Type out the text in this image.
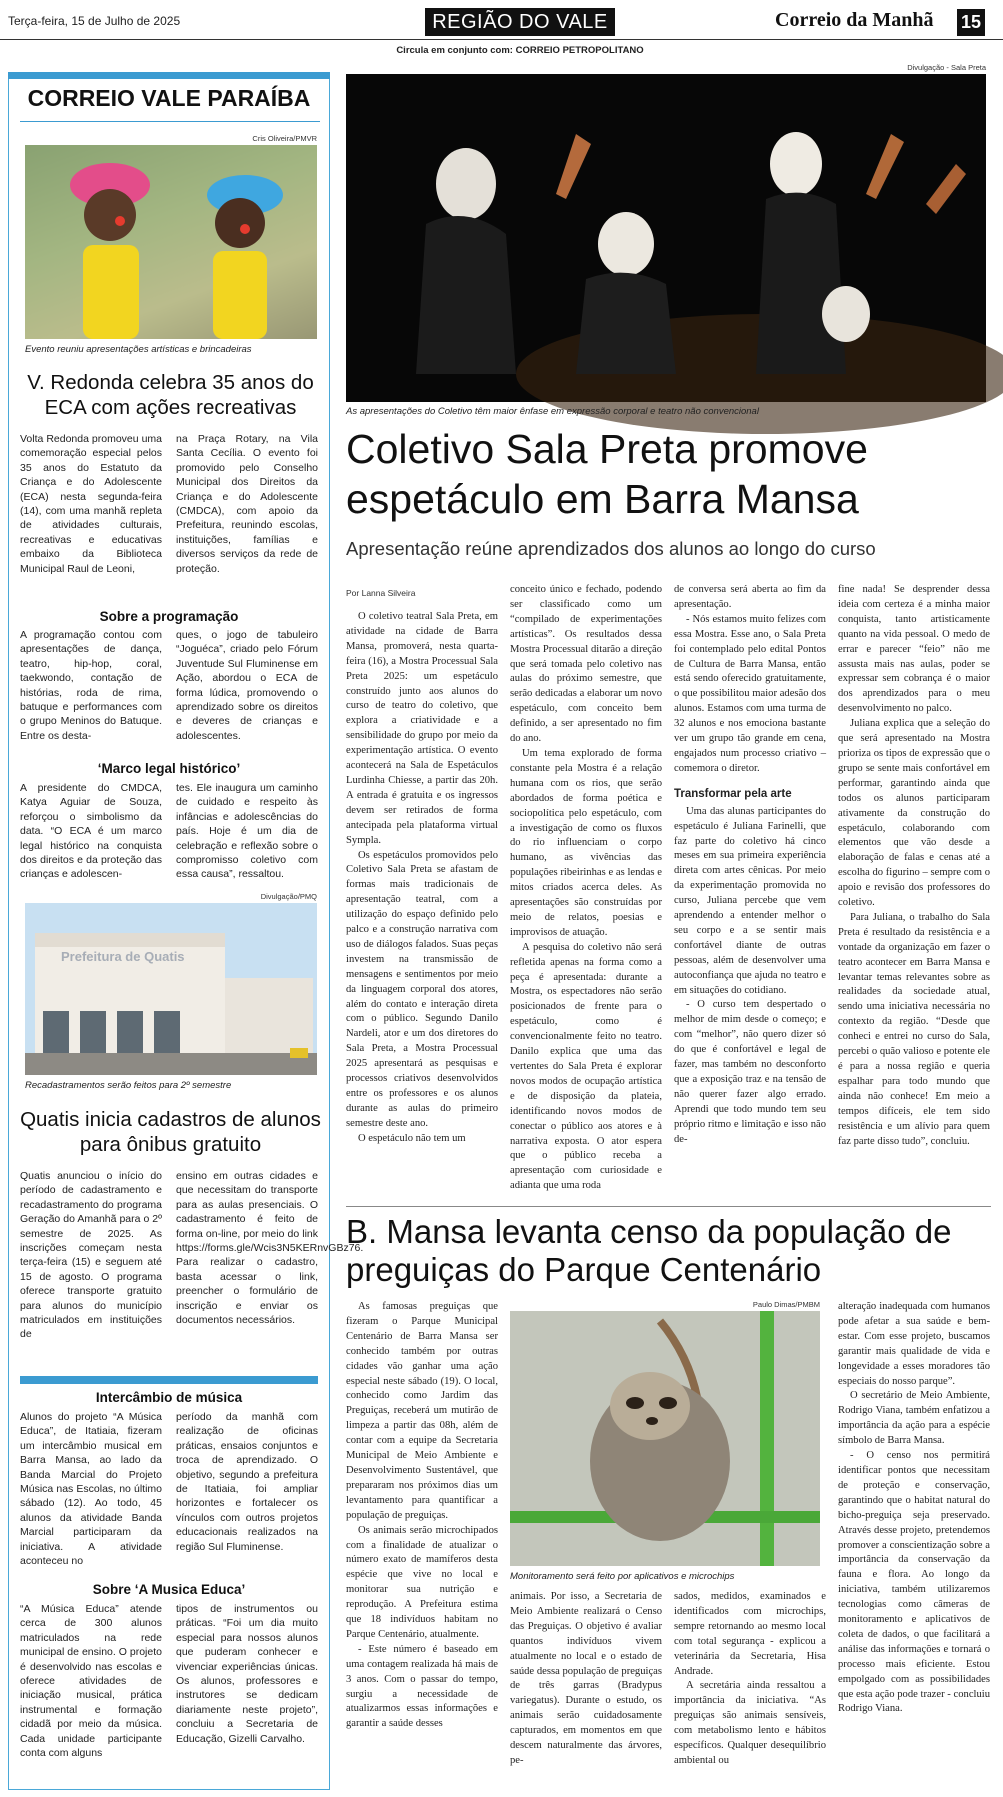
Terça-feira, 15 de Julho de 2025	REGIÃO DO VALE	Correio da Manhã 15
Circula em conjunto com: CORREIO PETROPOLITANO
CORREIO VALE PARAÍBA
Cris Oliveira/PMVR
Evento reuniu apresentações artísticas e brincadeiras
V. Redonda celebra 35 anos do ECA com ações recreativas
Volta Redonda promoveu uma comemoração especial pelos 35 anos do Estatuto da Criança e do Adolescente (ECA) nesta segunda-feira (14), com uma manhã repleta de atividades culturais, recreativas e educativas embaixo da Biblioteca Municipal Raul de Leoni,
na Praça Rotary, na Vila Santa Cecília. O evento foi promovido pelo Conselho Municipal dos Direitos da Criança e do Adolescente (CMDCA), com apoio da Prefeitura, reunindo escolas, instituições, famílias e diversos serviços da rede de proteção.
Sobre a programação
A programação contou com apresentações de dança, teatro, hip-hop, coral, taekwondo, contação de histórias, roda de rima, batuque e performances com o grupo Meninos do Batuque. Entre os desta-
ques, o jogo de tabuleiro “Joguéca”, criado pelo Fórum Juventude Sul Fluminense em Ação, abordou o ECA de forma lúdica, promovendo o aprendizado sobre os direitos e deveres de crianças e adolescentes.
‘Marco legal histórico’
A presidente do CMDCA, Katya Aguiar de Souza, reforçou o simbolismo da data. “O ECA é um marco legal histórico na conquista dos direitos e da proteção das crianças e adolescen-
tes. Ele inaugura um caminho de cuidado e respeito às infâncias e adolescências do país. Hoje é um dia de celebração e reflexão sobre o compromisso coletivo com essa causa”, ressaltou.
Divulgação/PMQ
Prefeitura de Quatis
Recadastramentos serão feitos para 2º semestre
Quatis inicia cadastros de alunos para ônibus gratuito
Quatis anunciou o início do período de cadastramento e recadastramento do programa Geração do Amanhã para o 2º semestre de 2025. As inscrições começam nesta terça-feira (15) e seguem até 15 de agosto. O programa oferece transporte gratuito para alunos do município matriculados em instituições de
ensino em outras cidades e que necessitam do transporte para as aulas presenciais. O cadastramento é feito de forma on-line, por meio do link https://forms.gle/Wcis3N5KERnvGBz76. Para realizar o cadastro, basta acessar o link, preencher o formulário de inscrição e enviar os documentos necessários.
Intercâmbio de música
Alunos do projeto “A Música Educa”, de Itatiaia, fizeram um intercâmbio musical em Barra Mansa, ao lado da Banda Marcial do Projeto Música nas Escolas, no último sábado (12). Ao todo, 45 alunos da atividade Banda Marcial participaram da iniciativa. A atividade aconteceu no
período da manhã com realização de oficinas práticas, ensaios conjuntos e troca de aprendizado. O objetivo, segundo a prefeitura de Itatiaia, foi ampliar horizontes e fortalecer os vínculos com outros projetos educacionais realizados na região Sul Fluminense.
Sobre ‘A Musica Educa’
“A Música Educa” atende cerca de 300 alunos matriculados na rede municipal de ensino. O projeto é desenvolvido nas escolas e oferece atividades de iniciação musical, prática instrumental e formação cidadã por meio da música. Cada unidade participante conta com alguns
tipos de instrumentos ou práticas. “Foi um dia muito especial para nossos alunos que puderam conhecer e vivenciar experiências únicas. Os alunos, professores e instrutores se dedicam diariamente neste projeto”, concluiu a Secretaria de Educação, Gizelli Carvalho.
Divulgação - Sala Preta
As apresentações do Coletivo têm maior ênfase em expressão corporal e teatro não convencional
Coletivo Sala Preta promove espetáculo em Barra Mansa
Apresentação reúne aprendizados dos alunos ao longo do curso
Por Lanna Silveira

O coletivo teatral Sala Preta, em atividade na cidade de Barra Mansa, promoverá, nesta quarta-feira (16), a Mostra Processual Sala Preta 2025: um espetáculo construído junto aos alunos do curso de teatro do coletivo, que explora a criatividade e a sensibilidade do grupo por meio da experimentação artística. O evento acontecerá na Sala de Espetáculos Lurdinha Chiesse, a partir das 20h. A entrada é gratuita e os ingressos devem ser retirados de forma antecipada pela plataforma virtual Sympla.

Os espetáculos promovidos pelo Coletivo Sala Preta se afastam de formas mais tradicionais de apresentação teatral, com a utilização do espaço definido pelo palco e a construção narrativa com uso de diálogos falados. Suas peças investem na transmissão de mensagens e sentimentos por meio da linguagem corporal dos atores, além do contato e interação direta com o público. Segundo Danilo Nardeli, ator e um dos diretores do Sala Preta, a Mostra Processual 2025 apresentará as pesquisas e processos criativos desenvolvidos entre os professores e os alunos durante as aulas do primeiro semestre deste ano.

O espetáculo não tem um

conceito único e fechado, podendo ser classificado como um “compilado de experimentações artísticas”. Os resultados dessa Mostra Processual ditarão a direção que será tomada pelo coletivo nas aulas do próximo semestre, que serão dedicadas a elaborar um novo espetáculo, com conceito bem definido, a ser apresentado no fim do ano.

Um tema explorado de forma constante pela Mostra é a relação humana com os rios, que serão abordados de forma poética e sociopolítica pelo espetáculo, com a investigação de como os fluxos do rio influenciam o corpo humano, as vivências das populações ribeirinhas e as lendas e mitos criados acerca deles. As apresentações são construídas por meio de relatos, poesias e improvisos de atuação.

A pesquisa do coletivo não será refletida apenas na forma como a peça é apresentada: durante a Mostra, os espectadores não serão posicionados de frente para o espetáculo, como é convencionalmente feito no teatro. Danilo explica que uma das vertentes do Sala Preta é explorar novos modos de ocupação artística e de disposição da plateia, identificando novos modos de conectar o público aos atores e à narrativa exposta. O ator espera que o público receba a apresentação com curiosidade e adianta que uma roda

de conversa será aberta ao fim da apresentação.

- Nós estamos muito felizes com essa Mostra. Esse ano, o Sala Preta foi contemplado pelo edital Pontos de Cultura de Barra Mansa, então está sendo oferecido gratuitamente, o que possibilitou maior adesão dos alunos. Estamos com uma turma de 32 alunos e nos emociona bastante ver um grupo tão grande em cena, engajados num processo criativo – comemora o diretor.

Transformar pela arte

Uma das alunas participantes do espetáculo é Juliana Farinelli, que faz parte do coletivo há cinco meses em sua primeira experiência direta com artes cênicas. Por meio da experimentação promovida no curso, Juliana percebe que vem aprendendo a entender melhor o seu corpo e a se sentir mais confortável diante de outras pessoas, além de desenvolver uma autoconfiança que ajuda no teatro e em situações do cotidiano.

- O curso tem despertado o melhor de mim desde o começo; e com “melhor”, não quero dizer só do que é confortável e legal de fazer, mas também no desconforto que a exposição traz e na tensão de não querer fazer algo errado. Aprendi que todo mundo tem seu próprio ritmo e limitação e isso não de-

fine nada! Se desprender dessa ideia com certeza é a minha maior conquista, tanto artisticamente quanto na vida pessoal. O medo de errar e parecer “feio” não me assusta mais nas aulas, poder se expressar sem cobrança é o maior dos aprendizados para o meu desenvolvimento no palco.

Juliana explica que a seleção do que será apresentado na Mostra prioriza os tipos de expressão que o grupo se sente mais confortável em performar, garantindo ainda que todos os alunos participaram ativamente da construção do espetáculo, colaborando com elementos que vão desde a elaboração de falas e cenas até a escolha do figurino – sempre com o apoio e revisão dos professores do coletivo.

Para Juliana, o trabalho do Sala Preta é resultado da resistência e a vontade da organização em fazer o teatro acontecer em Barra Mansa e levantar temas relevantes sobre as realidades da sociedade atual, sendo uma iniciativa necessária no contexto da região. “Desde que conheci e entrei no curso do Sala, percebi o quão valioso e potente ele é para a nossa região e queria espalhar para todo mundo que ainda não conhece! Em meio a tempos difíceis, ele tem sido resistência e um alívio para quem faz parte disso tudo”, concluiu.

B. Mansa levanta censo da população de preguiças do Parque Centenário
Paulo Dimas/PMBM
Monitoramento será feito por aplicativos e microchips

As famosas preguiças que fizeram o Parque Municipal Centenário de Barra Mansa ser conhecido também por outras cidades vão ganhar uma ação especial neste sábado (19). O local, conhecido como Jardim das Preguiças, receberá um mutirão de limpeza a partir das 08h, além de contar com a equipe da Secretaria Municipal de Meio Ambiente e Desenvolvimento Sustentável, que prepararam nos próximos dias um levantamento para quantificar a população de preguiças.

Os animais serão microchipados com a finalidade de atualizar o número exato de mamíferos desta espécie que vive no local e monitorar sua nutrição e reprodução. A Prefeitura estima que 18 indivíduos habitam no Parque Centenário, atualmente.

- Este número é baseado em uma contagem realizada há mais de 3 anos. Com o passar do tempo, surgiu a necessidade de atualizarmos essas informações e garantir a saúde desses

animais. Por isso, a Secretaria de Meio Ambiente realizará o Censo das Preguiças. O objetivo é avaliar quantos indivíduos vivem atualmente no local e o estado de saúde dessa população de preguiças de três garras (Bradypus variegatus). Durante o estudo, os animais serão cuidadosamente capturados, em momentos em que descem naturalmente das árvores, pe-

sados, medidos, examinados e identificados com microchips, sempre retornando ao mesmo local com total segurança - explicou a veterinária da Secretaria, Hisa Andrade.

A secretária ainda ressaltou a importância da iniciativa. “As preguiças são animais sensíveis, com metabolismo lento e hábitos específicos. Qualquer desequilíbrio ambiental ou

alteração inadequada com humanos pode afetar a sua saúde e bem-estar. Com esse projeto, buscamos garantir mais qualidade de vida e longevidade a esses moradores tão especiais do nosso parque”.

O secretário de Meio Ambiente, Rodrigo Viana, também enfatizou a importância da ação para a espécie símbolo de Barra Mansa.

- O censo nos permitirá identificar pontos que necessitam de proteção e conservação, garantindo que o habitat natural do bicho-preguiça seja preservado. Através desse projeto, pretendemos promover a conscientização sobre a importância da conservação da fauna e flora. Ao longo da iniciativa, também utilizaremos tecnologias como câmeras de monitoramento e aplicativos de coleta de dados, o que facilitará a análise das informações e tornará o processo mais eficiente. Estou empolgado com as possibilidades que esta ação pode trazer - concluiu Rodrigo Viana.
